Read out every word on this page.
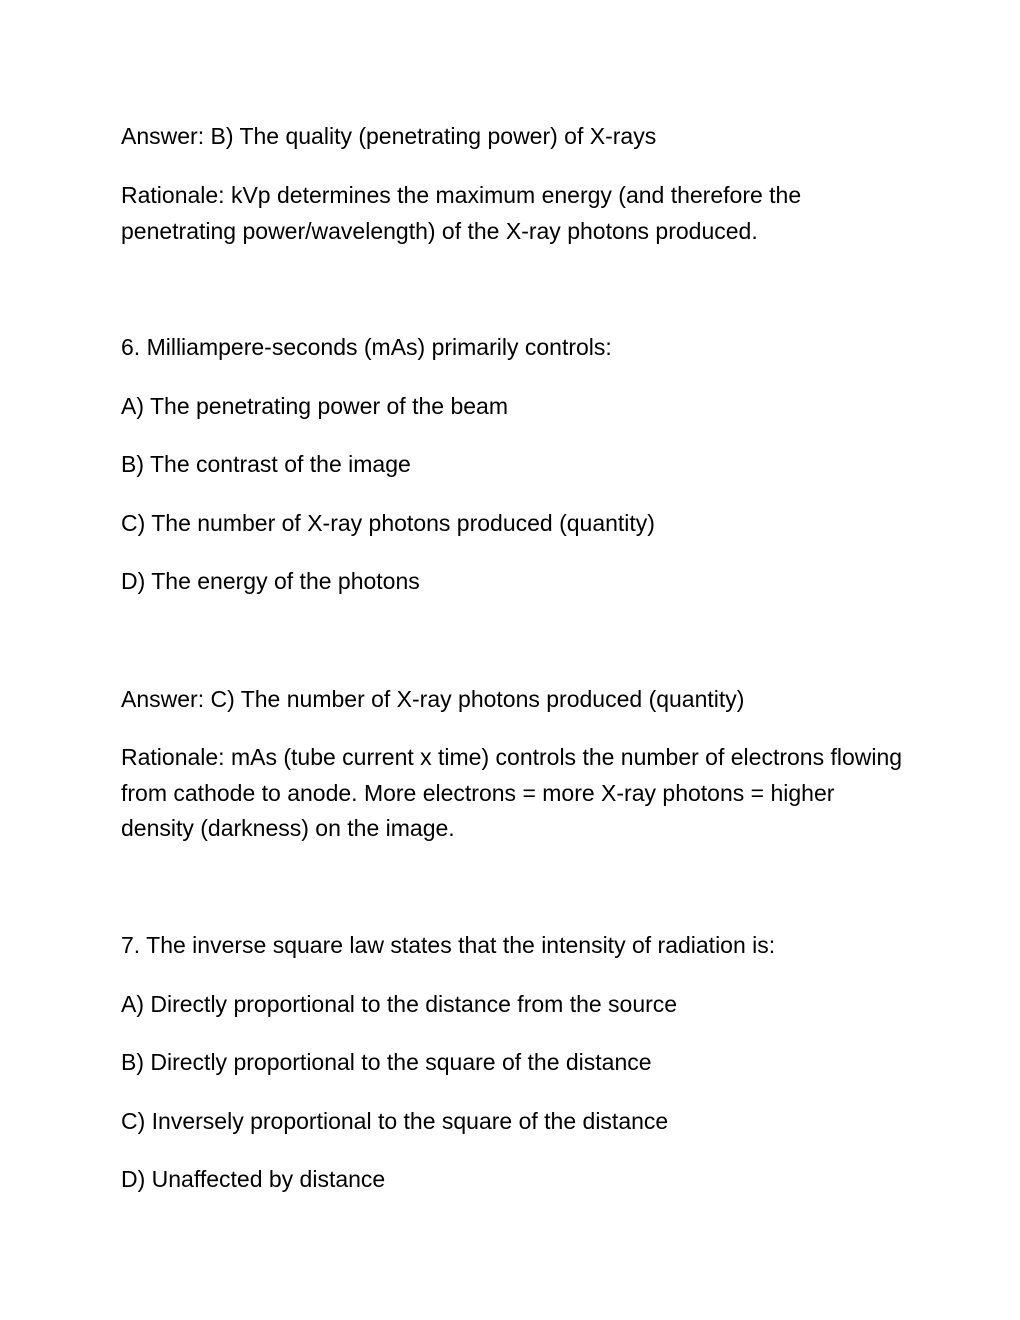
Answer: B) The quality (penetrating power) of X-rays
Rationale: kVp determines the maximum energy (and therefore the penetrating power/wavelength) of the X-ray photons produced.
6. Milliampere-seconds (mAs) primarily controls:
A) The penetrating power of the beam
B) The contrast of the image
C) The number of X-ray photons produced (quantity)
D) The energy of the photons
Answer: C) The number of X-ray photons produced (quantity)
Rationale: mAs (tube current x time) controls the number of electrons flowing from cathode to anode. More electrons = more X-ray photons = higher density (darkness) on the image.
7. The inverse square law states that the intensity of radiation is:
A) Directly proportional to the distance from the source
B) Directly proportional to the square of the distance
C) Inversely proportional to the square of the distance
D) Unaffected by distance
